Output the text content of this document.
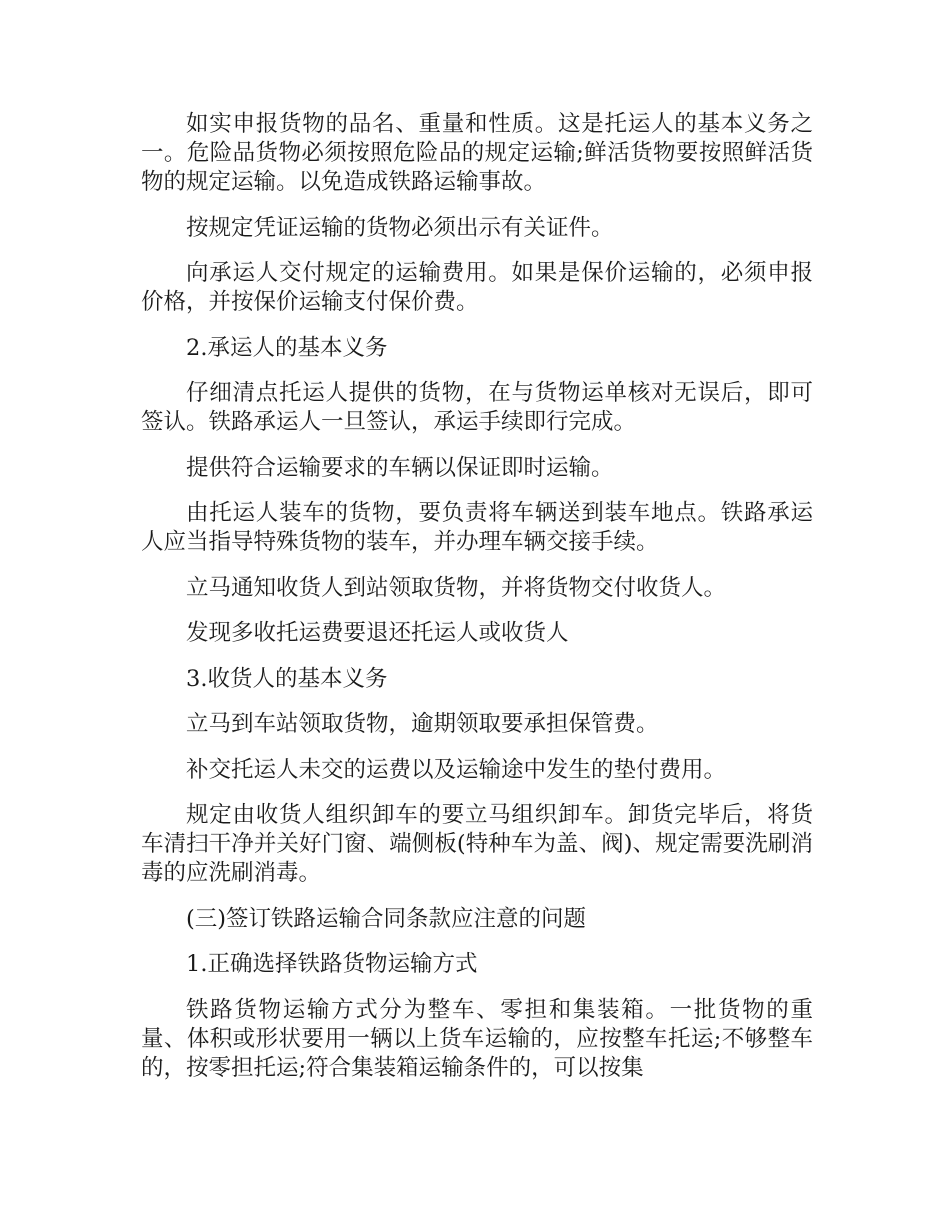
如实申报货物的品名、重量和性质。这是托运人的基本义务之一。危险品货物必须按照危险品的规定运输;鲜活货物要按照鲜活货物的规定运输。以免造成铁路运输事故。

按规定凭证运输的货物必须出示有关证件。

向承运人交付规定的运输费用。如果是保价运输的，必须申报价格，并按保价运输支付保价费。

2.承运人的基本义务

仔细清点托运人提供的货物，在与货物运单核对无误后，即可签认。铁路承运人一旦签认，承运手续即行完成。

提供符合运输要求的车辆以保证即时运输。

由托运人装车的货物，要负责将车辆送到装车地点。铁路承运人应当指导特殊货物的装车，并办理车辆交接手续。

立马通知收货人到站领取货物，并将货物交付收货人。

发现多收托运费要退还托运人或收货人

3.收货人的基本义务

立马到车站领取货物，逾期领取要承担保管费。

补交托运人未交的运费以及运输途中发生的垫付费用。

规定由收货人组织卸车的要立马组织卸车。卸货完毕后，将货车清扫干净并关好门窗、端侧板(特种车为盖、阀)、规定需要洗刷消毒的应洗刷消毒。

(三)签订铁路运输合同条款应注意的问题

1.正确选择铁路货物运输方式

铁路货物运输方式分为整车、零担和集装箱。一批货物的重量、体积或形状要用一辆以上货车运输的，应按整车托运;不够整车的，按零担托运;符合集装箱运输条件的，可以按集
